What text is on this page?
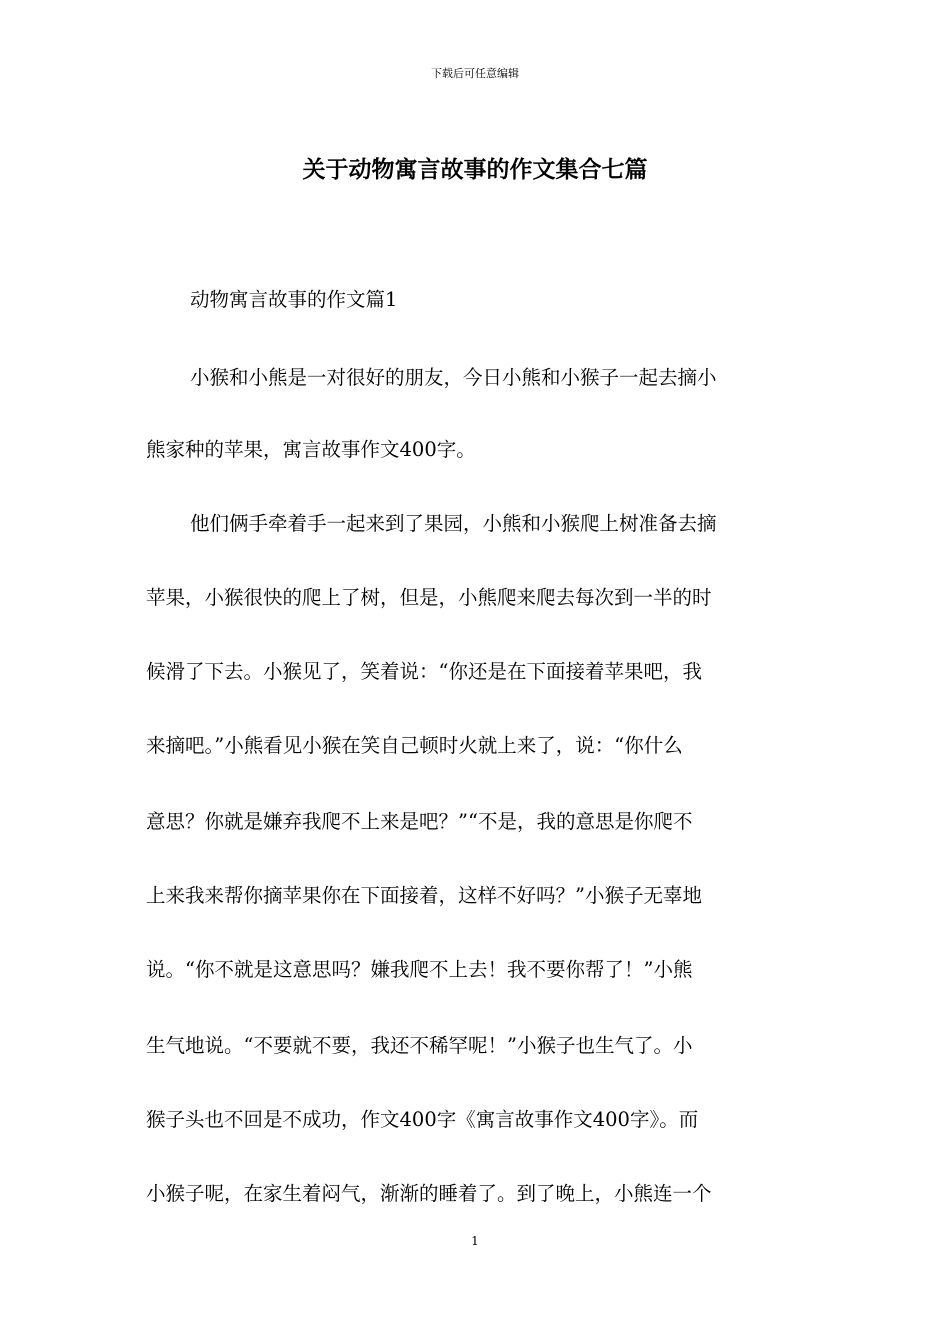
下载后可任意编辑
关于动物寓言故事的作文集合七篇

动物寓言故事的作文篇1

小猴和小熊是一对很好的朋友，今日小熊和小猴子一起去摘小

熊家种的苹果，寓言故事作文400字。

他们俩手牵着手一起来到了果园，小熊和小猴爬上树准备去摘

苹果，小猴很快的爬上了树，但是，小熊爬来爬去每次到一半的时

候滑了下去。小猴见了，笑着说：“你还是在下面接着苹果吧，我

来摘吧。”小熊看见小猴在笑自己顿时火就上来了，说：“你什么

意思？你就是嫌弃我爬不上来是吧？”“不是，我的意思是你爬不

上来我来帮你摘苹果你在下面接着，这样不好吗？”小猴子无辜地

说。“你不就是这意思吗？嫌我爬不上去！我不要你帮了！”小熊

生气地说。“不要就不要，我还不稀罕呢！”小猴子也生气了。小

猴子头也不回是不成功，作文400字《寓言故事作文400字》。而

小猴子呢，在家生着闷气，渐渐的睡着了。到了晚上，小熊连一个

1
